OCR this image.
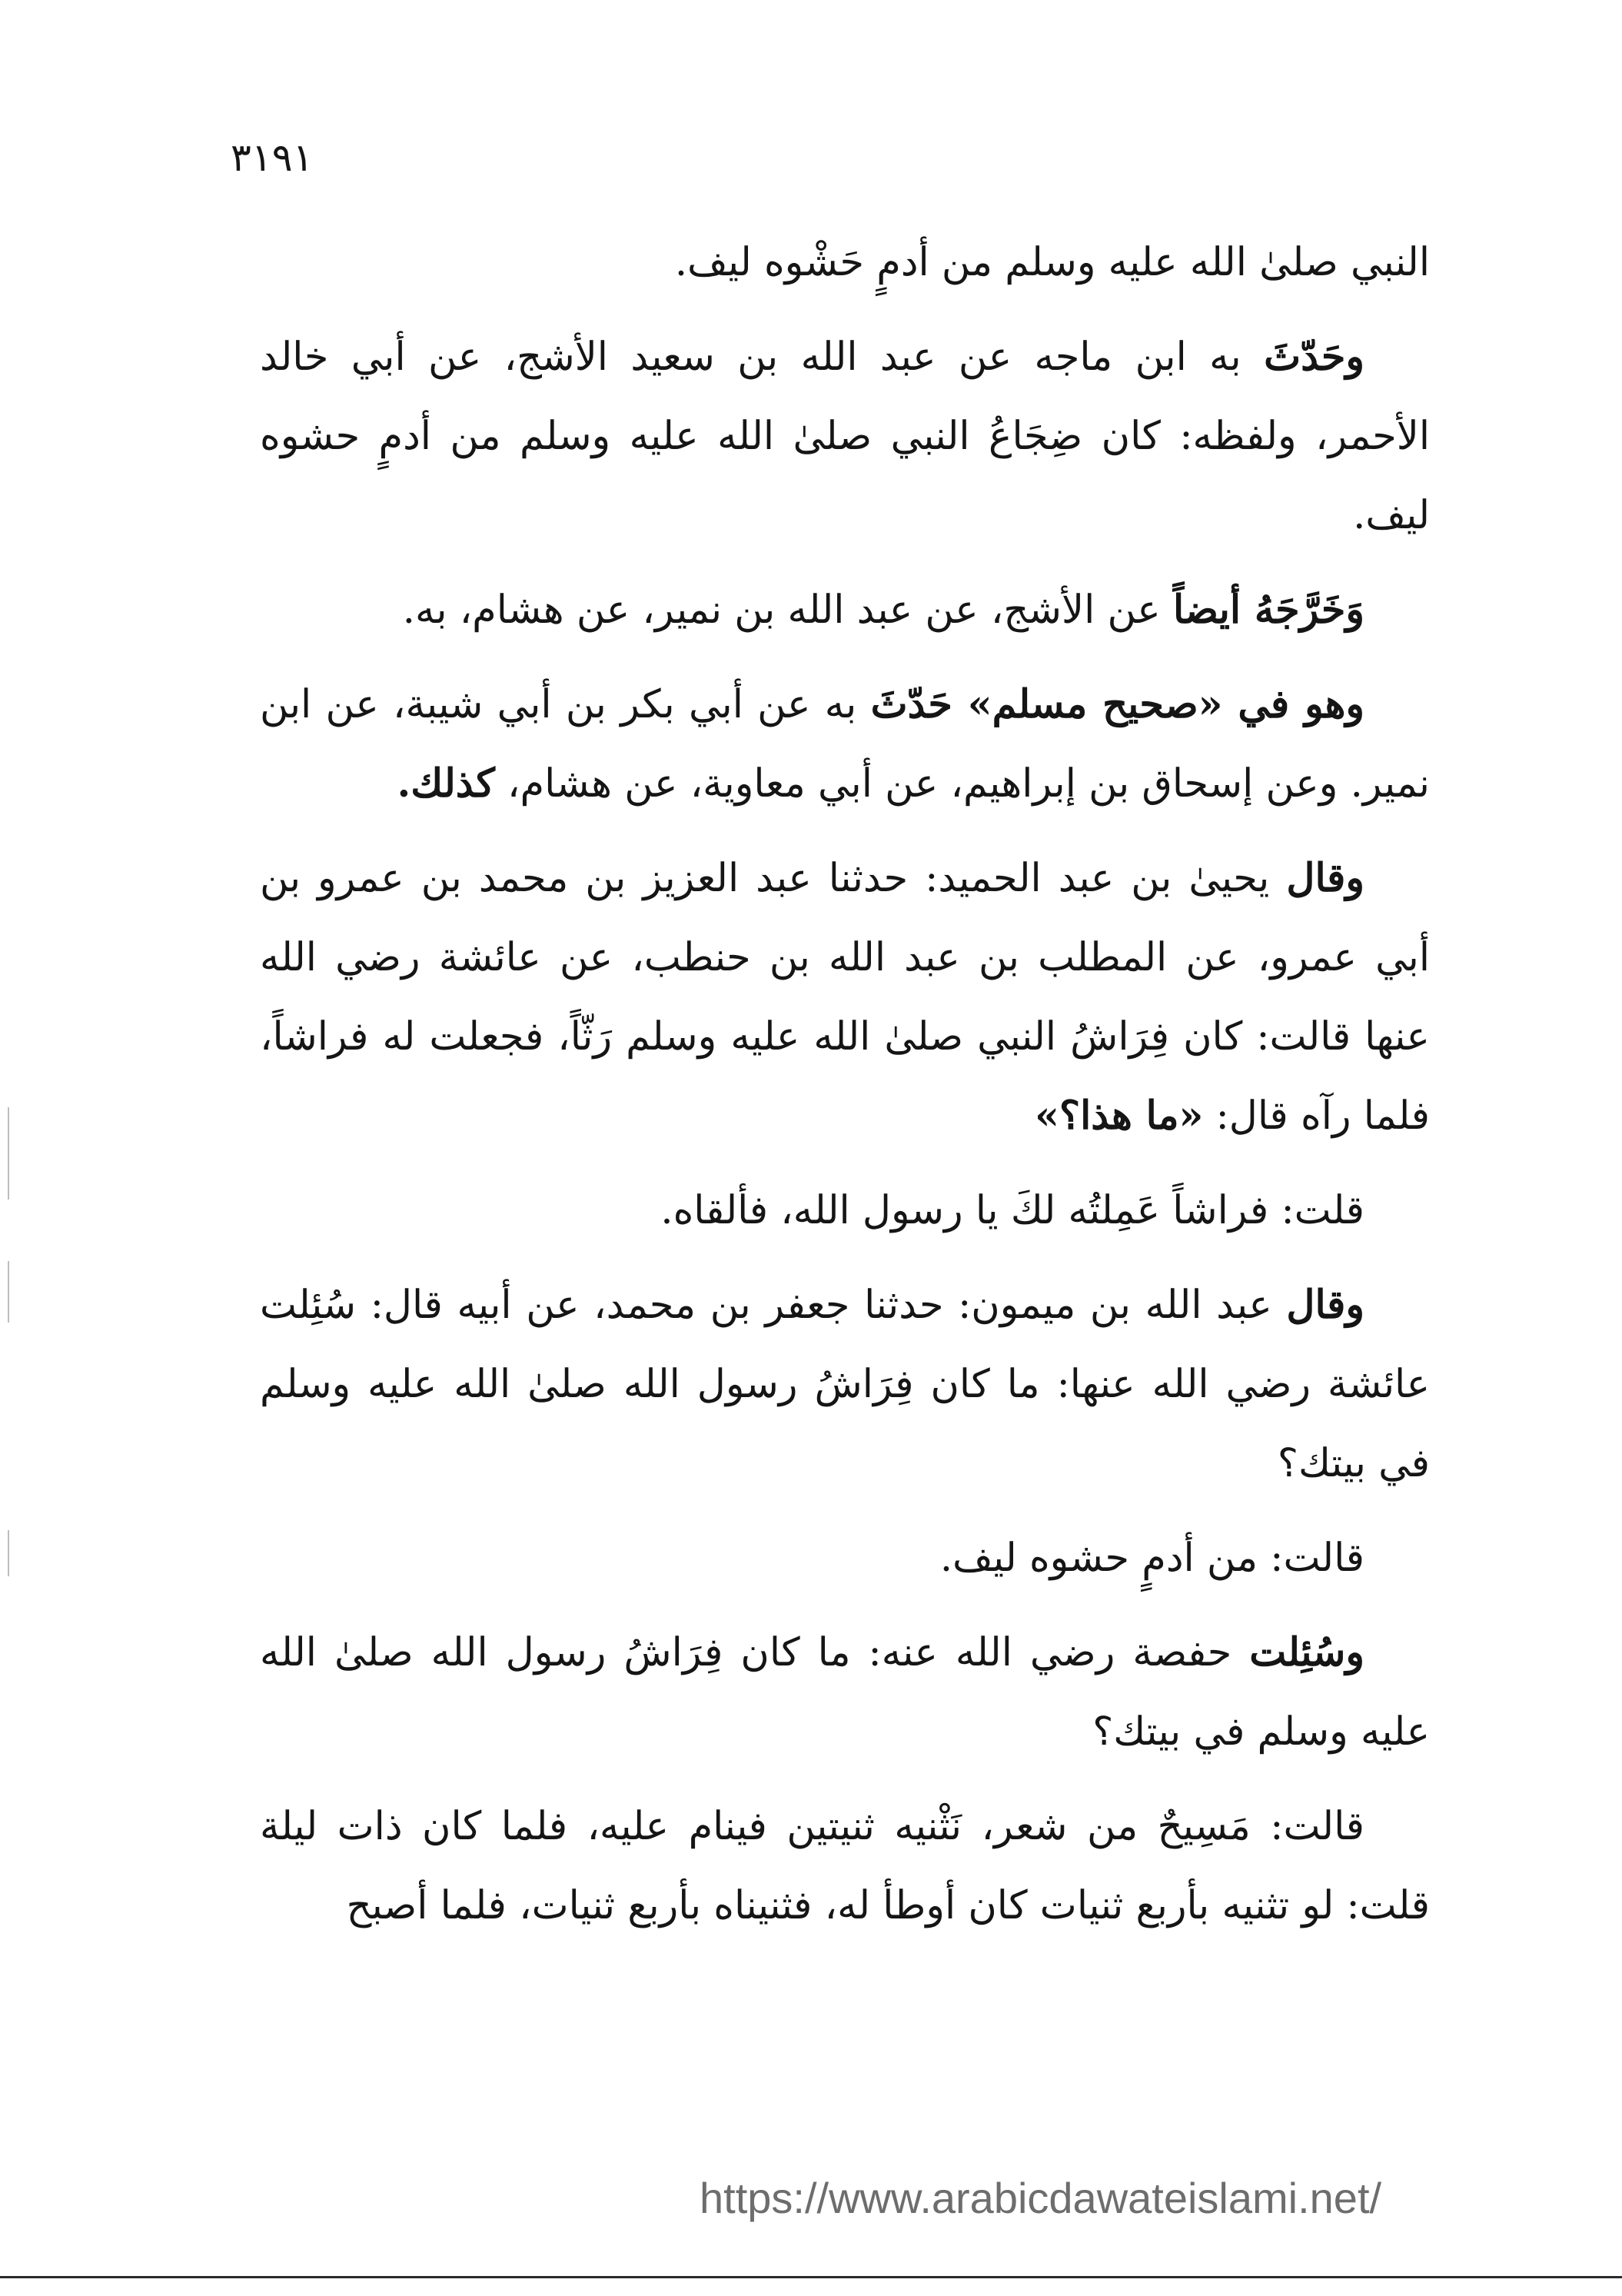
٣١٩١

النبي صلىٰ الله عليه وسلم من أدمٍ حَشْوه ليف.

وحَدّثَ به ابن ماجه عن عبد الله بن سعيد الأشج، عن أبي خالد الأحمر، ولفظه: كان ضِجَاعُ النبي صلىٰ الله عليه وسلم من أدمٍ حشوه ليف.

وَخَرَّجَهُ أيضاً عن الأشج، عن عبد الله بن نمير، عن هشام، به.

وهو في «صحيح مسلم» حَدّثَ به عن أبي بكر بن أبي شيبة، عن ابن نمير. وعن إسحاق بن إبراهيم، عن أبي معاوية، عن هشام، كذلك.

وقال يحيىٰ بن عبد الحميد: حدثنا عبد العزيز بن محمد بن عمرو بن أبي عمرو، عن المطلب بن عبد الله بن حنطب، عن عائشة رضي الله عنها قالت: كان فِرَاشُ النبي صلىٰ الله عليه وسلم رَثّاً، فجعلت له فراشاً، فلما رآه قال: «ما هذا؟»

قلت: فراشاً عَمِلتُه لكَ يا رسول الله، فألقاه.

وقال عبد الله بن ميمون: حدثنا جعفر بن محمد، عن أبيه قال: سُئِلت عائشة رضي الله عنها: ما كان فِرَاشُ رسول الله صلىٰ الله عليه وسلم في بيتك؟

قالت: من أدمٍ حشوه ليف.

وسُئِلت حفصة رضي الله عنه: ما كان فِرَاشُ رسول الله صلىٰ الله عليه وسلم في بيتك؟

قالت: مَسِيحٌ من شعر، نَثْنيه ثنيتين فينام عليه، فلما كان ذات ليلة قلت: لو تثنيه بأربع ثنيات كان أوطأ له، فثنيناه بأربع ثنيات، فلما أصبح

https://www.arabicdawateislami.net/
